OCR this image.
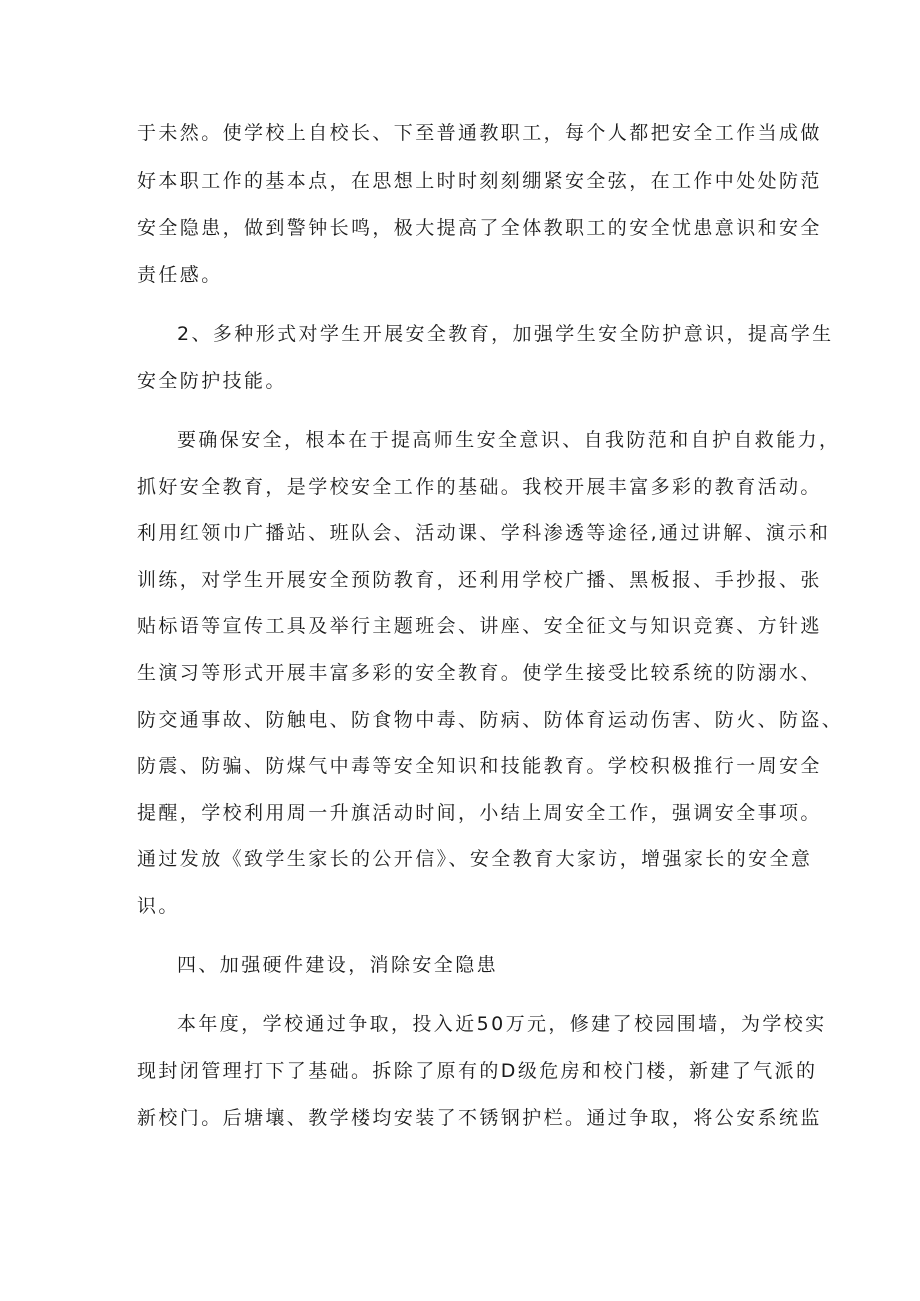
于未然。使学校上自校长、下至普通教职工，每个人都把安全工作当成做
好本职工作的基本点，在思想上时时刻刻绷紧安全弦，在工作中处处防范
安全隐患，做到警钟长鸣，极大提高了全体教职工的安全忧患意识和安全
责任感。
2、多种形式对学生开展安全教育，加强学生安全防护意识，提高学生
安全防护技能。
要确保安全，根本在于提高师生安全意识、自我防范和自护自救能力，
抓好安全教育，是学校安全工作的基础。我校开展丰富多彩的教育活动。
利用红领巾广播站、班队会、活动课、学科渗透等途径,通过讲解、演示和
训练，对学生开展安全预防教育，还利用学校广播、黑板报、手抄报、张
贴标语等宣传工具及举行主题班会、讲座、安全征文与知识竞赛、方针逃
生演习等形式开展丰富多彩的安全教育。使学生接受比较系统的防溺水、
防交通事故、防触电、防食物中毒、防病、防体育运动伤害、防火、防盗、
防震、防骗、防煤气中毒等安全知识和技能教育。学校积极推行一周安全
提醒，学校利用周一升旗活动时间，小结上周安全工作，强调安全事项。
通过发放《致学生家长的公开信》、安全教育大家访，增强家长的安全意
识。
四、加强硬件建设，消除安全隐患
本年度，学校通过争取，投入近50万元，修建了校园围墙，为学校实
现封闭管理打下了基础。拆除了原有的D级危房和校门楼，新建了气派的
新校门。后塘壤、教学楼均安装了不锈钢护栏。通过争取，将公安系统监
